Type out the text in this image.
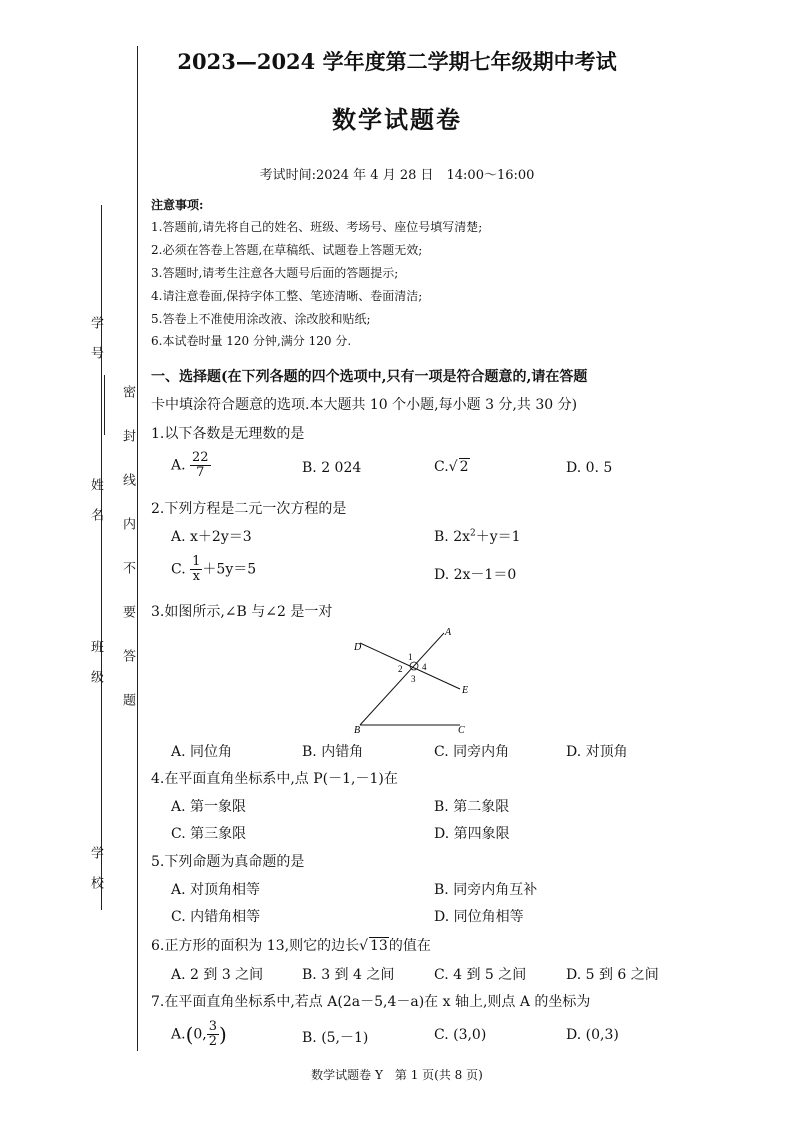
学　号
姓　名
班　级
学　校
密　封　线　内　不　要　答　题
2023—2024 学年度第二学期七年级期中考试
数学试题卷
考试时间:2024 年 4 月 28 日　14:00～16:00
注意事项:
1.答题前,请先将自己的姓名、班级、考场号、座位号填写清楚;
2.必须在答卷上答题,在草稿纸、试题卷上答题无效;
3.答题时,请考生注意各大题号后面的答题提示;
4.请注意卷面,保持字体工整、笔迹清晰、卷面清洁;
5.答卷上不准使用涂改液、涂改胶和贴纸;
6.本试卷时量 120 分钟,满分 120 分.
一、选择题(在下列各题的四个选项中,只有一项是符合题意的,请在答题
卡中填涂符合题意的选项.本大题共 10 个小题,每小题 3 分,共 30 分)
1.以下各数是无理数的是
A. $\frac{22}{7}$	B. 2 024	C.√ 2	D. 0. 5
2.下列方程是二元一次方程的是
A. x＋2y＝3	B. $2x^2+y=1$
C. $\frac{1}{x} +5y=5$	D. 2x－1＝0
3.如图所示,∠B 与∠2 是一对
A
D
E
B	C
1
2
3
4
A. 同位角	B. 内错角	C. 同旁内角	D. 对顶角
4.在平面直角坐标系中,点 P(－1,－1)在
A. 第一象限	B. 第二象限
C. 第三象限	D. 第四象限
5.下列命题为真命题的是
A. 对顶角相等	B. 同旁内角互补
C. 内错角相等	D. 同位角相等
6.正方形的面积为 13,则它的边长√ 13的值在
A. 2 到 3 之间	B. 3 到 4 之间	C. 4 到 5 之间	D. 5 到 6 之间
7.在平面直角坐标系中,若点 A(2a－5,4－a)在 x 轴上,则点 A 的坐标为
A.(0, $\frac{3}{2}$ )	B. (5,－1)	C. (3,0)	D. (0,3)
数学试题卷 Y　第 1 页(共 8 页)
